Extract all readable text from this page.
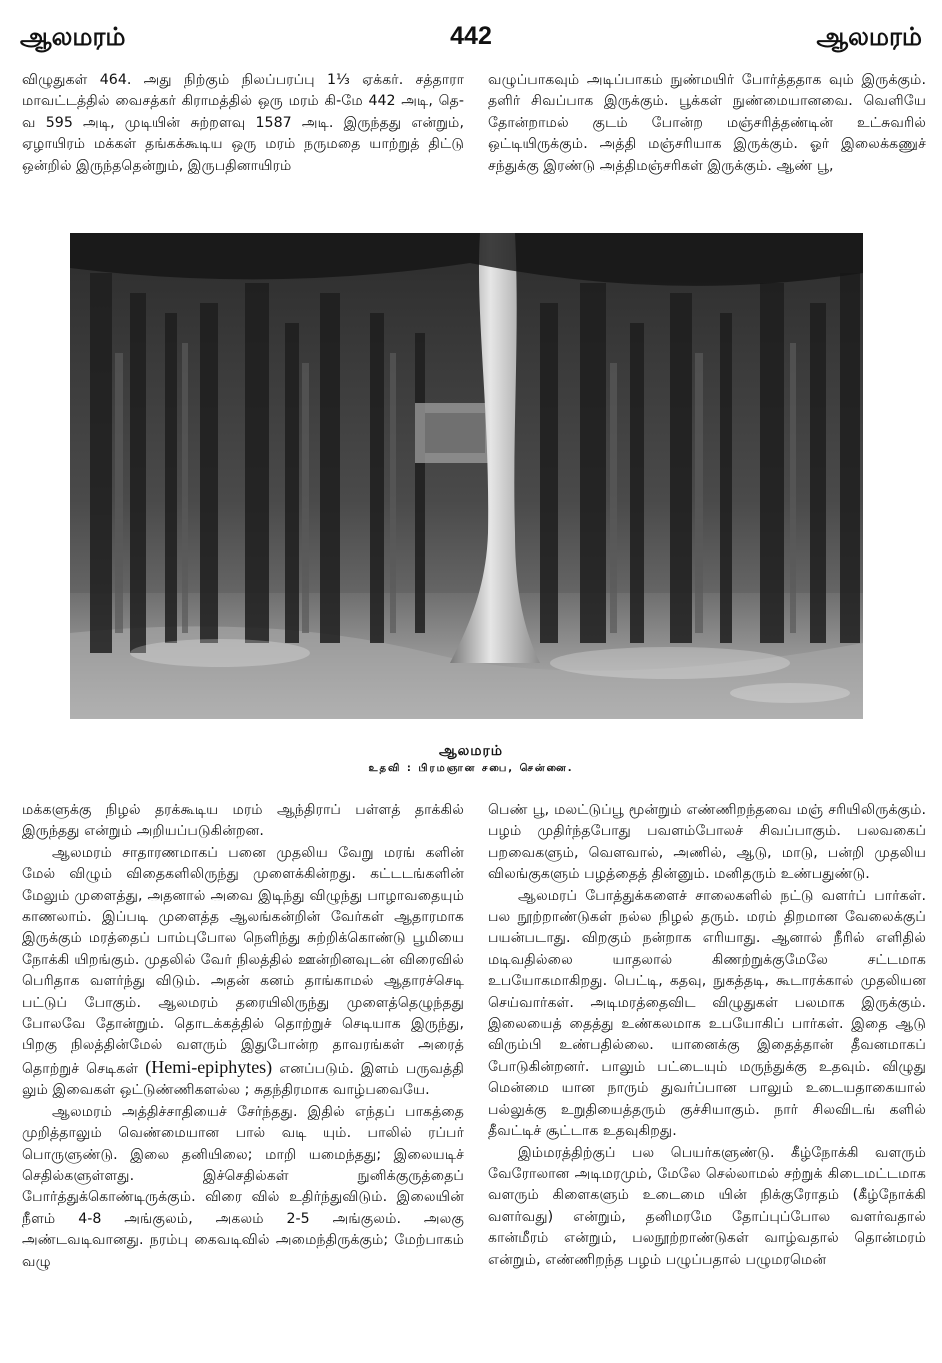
ஆலமரம்	442	ஆலமரம்

விழுதுகள் 464. அது நிற்கும் நிலப்பரப்பு 1⅓ ஏக்கர். சத்தாரா மாவட்டத்தில் வைசத்கர் கிராமத்தில் ஒரு மரம் கி-மே 442 அடி, தெ-வ 595 அடி, முடியின் சுற்றளவு 1587 அடி. இருந்தது என்றும், ஏழாயிரம் மக்கள் தங்கக்கூடிய ஒரு மரம் நருமதை யாற்றுத் திட்டு ஒன்றில் இருந்ததென்றும், இருபதினாயிரம்

வழுப்பாகவும் அடிப்பாகம் நுண்மயிர் போர்த்ததாக வும் இருக்கும். தளிர் சிவப்பாக இருக்கும். பூக்கள் நுண்மையானவை. வெளியே தோன்றாமல் குடம் போன்ற மஞ்சரித்தண்டின் உட்சுவரில் ஒட்டியிருக்கும். அத்தி மஞ்சரியாக இருக்கும். ஓர் இலைக்கணுச் சந்துக்கு இரண்டு அத்திமஞ்சரிகள் இருக்கும். ஆண் பூ,

ஆலமரம்
உதவி : பிரமஞான சபை, சென்னை.

மக்களுக்கு நிழல் தரக்கூடிய மரம் ஆந்திராப் பள்ளத் தாக்கில் இருந்தது என்றும் அறியப்படுகின்றன.

ஆலமரம் சாதாரணமாகப் பனை முதலிய வேறு மரங் களின் மேல் விழும் விதைகளிலிருந்து முளைக்கின்றது. கட்டடங்களின் மேலும் முளைத்து, அதனால் அவை இடிந்து விழுந்து பாழாவதையும் காணலாம். இப்படி முளைத்த ஆலங்கன்றின் வேர்கள் ஆதாரமாக இருக்கும் மரத்தைப் பாம்புபோல நெளிந்து சுற்றிக்கொண்டு பூமியை நோக்கி யிறங்கும். முதலில் வேர் நிலத்தில் ஊன்றினவுடன் விரைவில் பெரிதாக வளர்ந்து விடும். அதன் கனம் தாங்காமல் ஆதாரச்செடி பட்டுப் போகும். ஆலமரம் தரையிலிருந்து முளைத்தெழுந்தது போலவே தோன்றும். தொடக்கத்தில் தொற்றுச் செடியாக இருந்து, பிறகு நிலத்தின்மேல் வளரும் இதுபோன்ற தாவரங்கள் அரைத் தொற்றுச் செடிகள் (Hemi-epiphytes) எனப்படும். இளம் பருவத்தி லும் இவைகள் ஒட்டுண்ணிகளல்ல ; சுதந்திரமாக வாழ்பவையே.

ஆலமரம் அத்திச்சாதியைச் சேர்ந்தது. இதில் எந்தப் பாகத்தை முறித்தாலும் வெண்மையான பால் வடி யும். பாலில் ரப்பர் பொருளுண்டு. இலை தனியிலை; மாறி யமைந்தது; இலையடிச் செதில்களுள்ளது. இச்செதில்கள் நுனிக்குருத்தைப் போர்த்துக்கொண்டிருக்கும். விரை வில் உதிர்ந்துவிடும். இலையின் நீளம் 4-8 அங்குலம், அகலம் 2-5 அங்குலம். அலகு அண்டவடிவானது. நரம்பு கைவடிவில் அமைந்திருக்கும்; மேற்பாகம் வழு

பெண் பூ, மலட்டுப்பூ மூன்றும் எண்ணிறந்தவை மஞ் சரியிலிருக்கும். பழம் முதிர்ந்தபோது பவளம்போலச் சிவப்பாகும். பலவகைப் பறவைகளும், வௌவால், அணில், ஆடு, மாடு, பன்றி முதலிய விலங்குகளும் பழத்தைத் தின்னும். மனிதரும் உண்பதுண்டு.

ஆலமரப் போத்துக்களைச் சாலைகளில் நட்டு வளர்ப் பார்கள். பல நூற்றாண்டுகள் நல்ல நிழல் தரும். மரம் திறமான வேலைக்குப் பயன்படாது. விறகும் நன்றாக எரியாது. ஆனால் நீரில் எளிதில் மடிவதில்லை யாதலால் கிணற்றுக்குமேலே சட்டமாக உபயோகமாகிறது. பெட்டி, கதவு, நுகத்தடி, கூடாரக்கால் முதலியன செய்வார்கள். அடிமரத்தைவிட விழுதுகள் பலமாக இருக்கும். இலையைத் தைத்து உண்கலமாக உபயோகிப் பார்கள். இதை ஆடு விரும்பி உண்பதில்லை. யானைக்கு இதைத்தான் தீவனமாகப் போடுகின்றனர். பாலும் பட்டையும் மருந்துக்கு உதவும். விழுது மென்மை யான நாரும் துவர்ப்பான பாலும் உடையதாகையால் பல்லுக்கு உறுதியைத்தரும் குச்சியாகும். நார் சிலவிடங் களில் தீவட்டிச் சூட்டாக உதவுகிறது.

இம்மரத்திற்குப் பல பெயர்களுண்டு. கீழ்நோக்கி வளரும் வேரோலான அடிமரமும், மேலே செல்லாமல் சற்றுக் கிடைமட்டமாக வளரும் கிளைகளும் உடைமை யின் நிக்குரோதம் (கீழ்நோக்கி வளர்வது) என்றும், தனிமரமே தோப்புப்போல வளர்வதால் கான்மீரம் என்றும், பலநூற்றாண்டுகள் வாழ்வதால் தொன்மரம் என்றும், எண்ணிறந்த பழம் பழுப்பதால் பழுமரமென்
